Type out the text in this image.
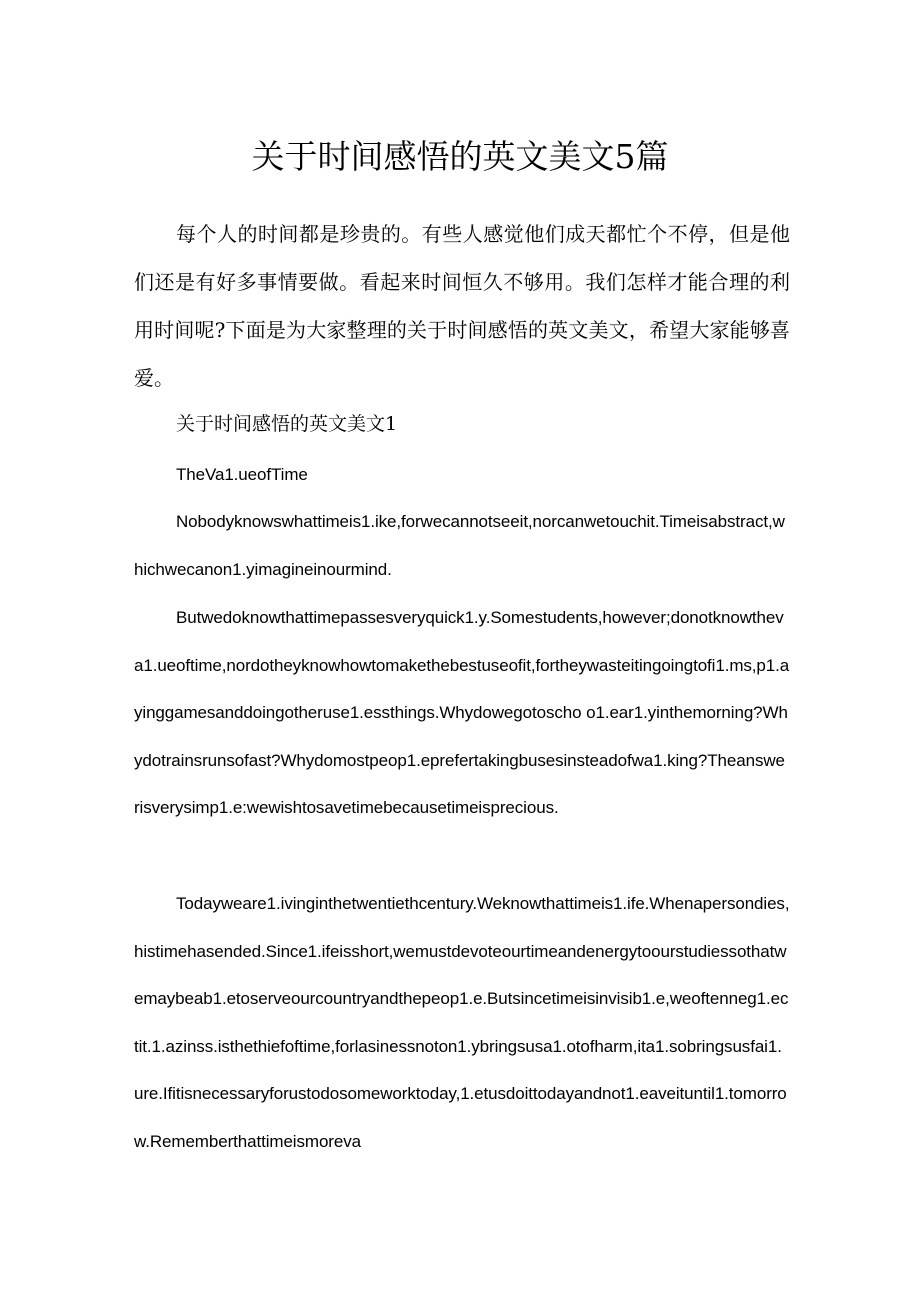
关于时间感悟的英文美文5篇

每个人的时间都是珍贵的。有些人感觉他们成天都忙个不停，但是他们还是有好多事情要做。看起来时间恒久不够用。我们怎样才能合理的利用时间呢?下面是为大家整理的关于时间感悟的英文美文，希望大家能够喜爱。

关于时间感悟的英文美文1

TheVa1.ueofTime

Nobodyknowswhattimeis1.ike,forwecannotseeit,norcanwetouchit.Timeisabstract,whichwecanon1.yimagineinourmind.

Butwedoknowthattimepassesveryquick1.y.Somestudents,however;donotknowtheva1.ueoftime,nordotheyknowhowtomakethebestuseofit,fortheywasteitingoingtofi1.ms,p1.ayinggamesanddoingotheruse1.essthings.Whydowegotoscho o1.ear1.yinthemorning?Whydotrainsrunsofast?Whydomostpeop1.eprefertakingbusesinsteadofwa1.king?Theanswerisverysimp1.e:wewishtosavetimebecausetimeisprecious.

Todayweare1.ivinginthetwentiethcentury.Weknowthattimeis1.ife.Whenapersondies,histimehasended.Since1.ifeisshort,wemustdevoteourtimeandenergytoourstudiessothatwemaybeab1.etoserveourcountryandthepeop1.e.Butsincetimeisinvisib1.e,weoftenneg1.ectit.1.azinss.isthethiefoftime,forlasinessnoton1.ybringsusa1.otofharm,ita1.sobringsusfai1.ure.Ifitisnecessaryforustodosomeworktoday,1.etusdoittodayandnot1.eaveituntil1.tomorrow.Rememberthattimeismoreva
